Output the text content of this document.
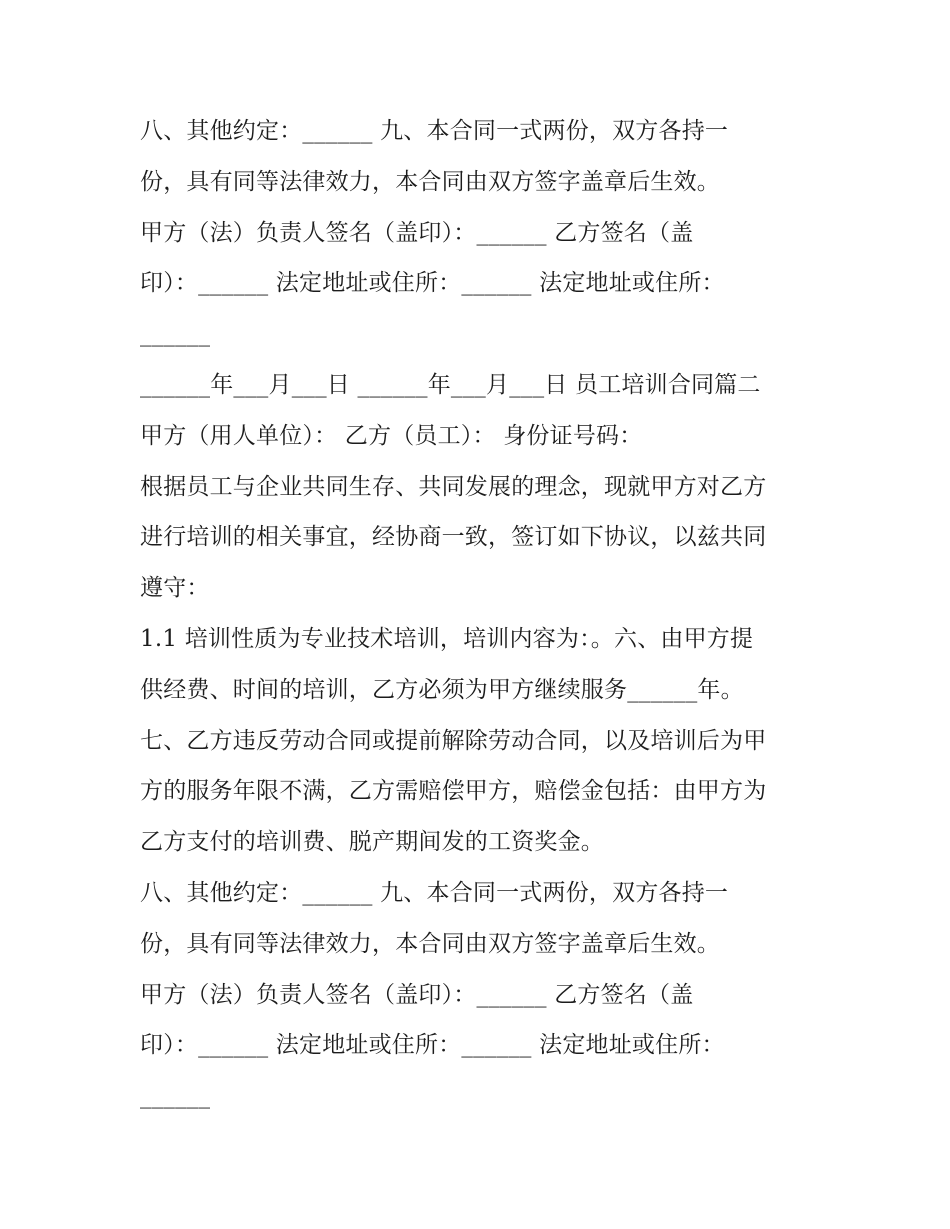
八、其他约定：______ 九、本合同一式两份，双方各持一
份，具有同等法律效力，本合同由双方签字盖章后生效。
甲方（法）负责人签名（盖印）：______ 乙方签名（盖
印）：______ 法定地址或住所：______ 法定地址或住所：
______
______年___月___日 ______年___月___日 员工培训合同篇二
甲方（用人单位）： 乙方（员工）： 身份证号码：
根据员工与企业共同生存、共同发展的理念，现就甲方对乙方
进行培训的相关事宜，经协商一致，签订如下协议，以兹共同
遵守：
1.1 培训性质为专业技术培训，培训内容为：。六、由甲方提
供经费、时间的培训，乙方必须为甲方继续服务______年。
七、乙方违反劳动合同或提前解除劳动合同，以及培训后为甲
方的服务年限不满，乙方需赔偿甲方，赔偿金包括：由甲方为
乙方支付的培训费、脱产期间发的工资奖金。
八、其他约定：______ 九、本合同一式两份，双方各持一
份，具有同等法律效力，本合同由双方签字盖章后生效。
甲方（法）负责人签名（盖印）：______ 乙方签名（盖
印）：______ 法定地址或住所：______ 法定地址或住所：
______
